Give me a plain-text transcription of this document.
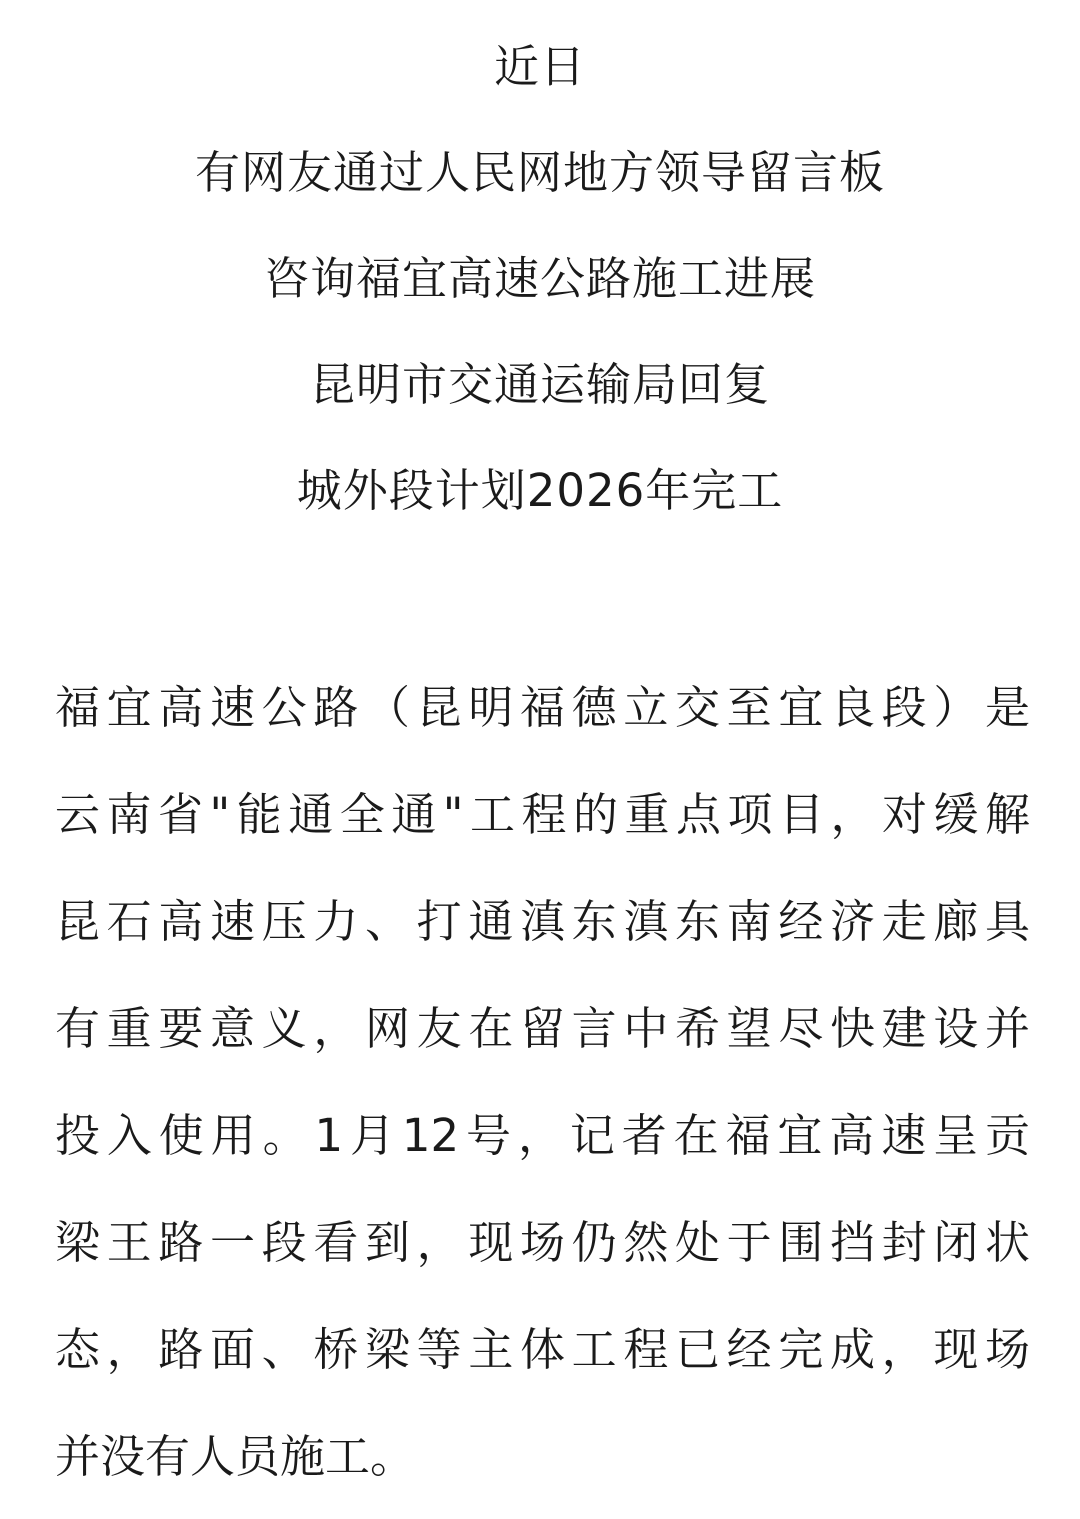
近日
有网友通过人民网地方领导留言板
咨询福宜高速公路施工进展
昆明市交通运输局回复
城外段计划2026年完工
福宜高速公路（昆明福德立交至宜良段）是
云南省"能通全通"工程的重点项目，对缓解
昆石高速压力、打通滇东滇东南经济走廊具
有重要意义，网友在留言中希望尽快建设并
投入使用。1月12号，记者在福宜高速呈贡
梁王路一段看到，现场仍然处于围挡封闭状
态，路面、桥梁等主体工程已经完成，现场
并没有人员施工。
